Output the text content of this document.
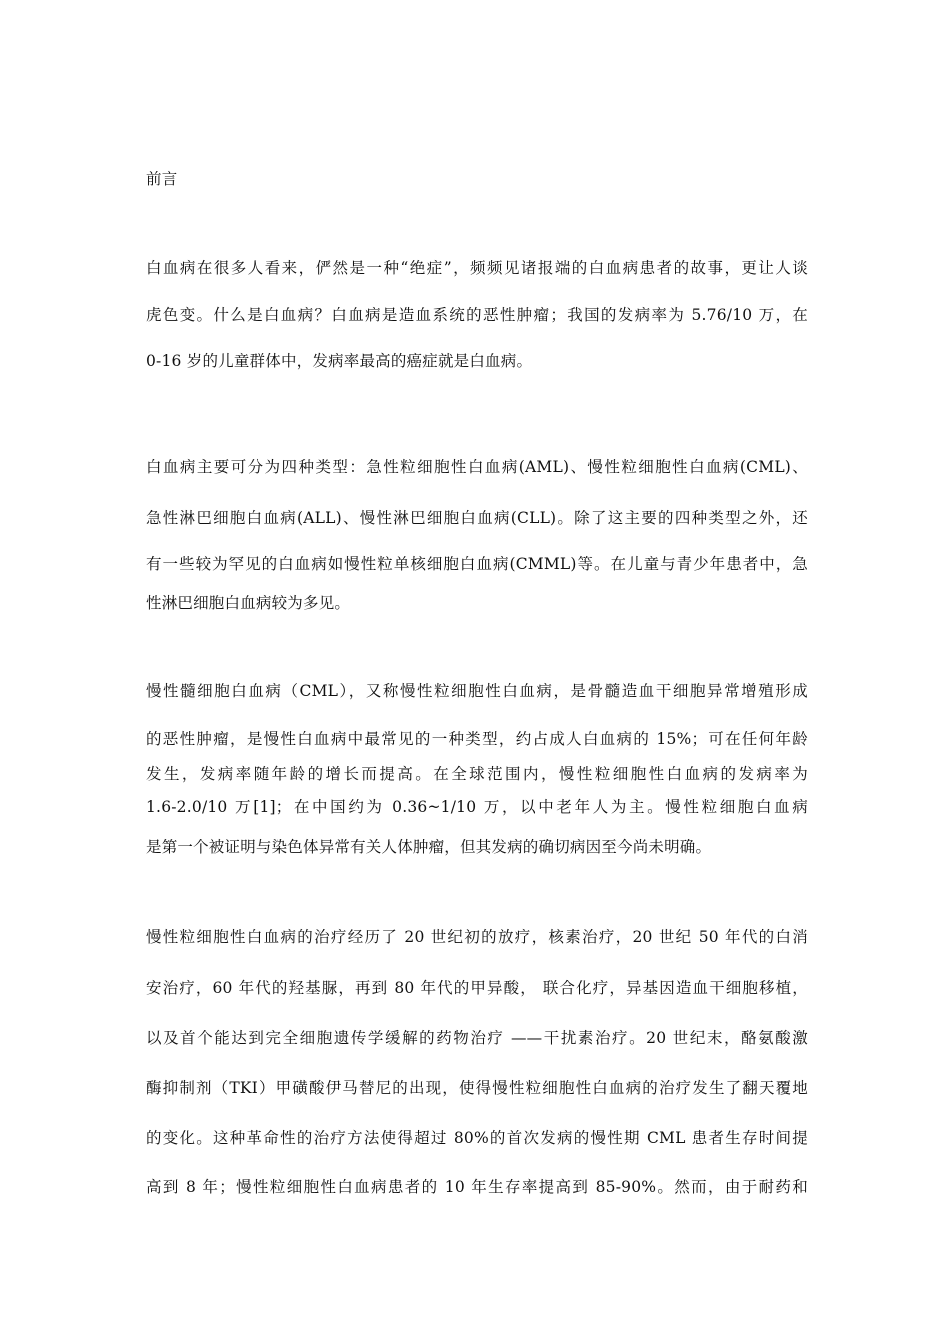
前言
白血病在很多人看来，俨然是一种“绝症”，频频见诸报端的白血病患者的故事，更让人谈
虎色变。什么是白血病？白血病是造血系统的恶性肿瘤；我国的发病率为 5.76/10 万，在
0-16 岁的儿童群体中，发病率最高的癌症就是白血病。
白血病主要可分为四种类型：急性粒细胞性白血病(AML)、慢性粒细胞性白血病(CML)、
急性淋巴细胞白血病(ALL)、慢性淋巴细胞白血病(CLL)。除了这主要的四种类型之外，还
有一些较为罕见的白血病如慢性粒单核细胞白血病(CMML)等。在儿童与青少年患者中，急
性淋巴细胞白血病较为多见。
慢性髓细胞白血病（CML），又称慢性粒细胞性白血病，是骨髓造血干细胞异常增殖形成
的恶性肿瘤，是慢性白血病中最常见的一种类型，约占成人白血病的 15%；可在任何年龄
发生，发病率随年龄的增长而提高。在全球范围内，慢性粒细胞性白血病的发病率为
1.6-2.0/10 万[1]；在中国约为 0.36~1/10 万，以中老年人为主。慢性粒细胞白血病
是第一个被证明与染色体异常有关人体肿瘤，但其发病的确切病因至今尚未明确。
慢性粒细胞性白血病的治疗经历了 20 世纪初的放疗，核素治疗，20 世纪 50 年代的白消
安治疗，60 年代的羟基脲，再到 80 年代的甲异酸， 联合化疗，异基因造血干细胞移植，
以及首个能达到完全细胞遗传学缓解的药物治疗 ——干扰素治疗。20 世纪末，酪氨酸激
酶抑制剂（TKI）甲磺酸伊马替尼的出现，使得慢性粒细胞性白血病的治疗发生了翻天覆地
的变化。这种革命性的治疗方法使得超过 80%的首次发病的慢性期 CML 患者生存时间提
高到 8 年；慢性粒细胞性白血病患者的 10 年生存率提高到 85-90%。然而，由于耐药和
